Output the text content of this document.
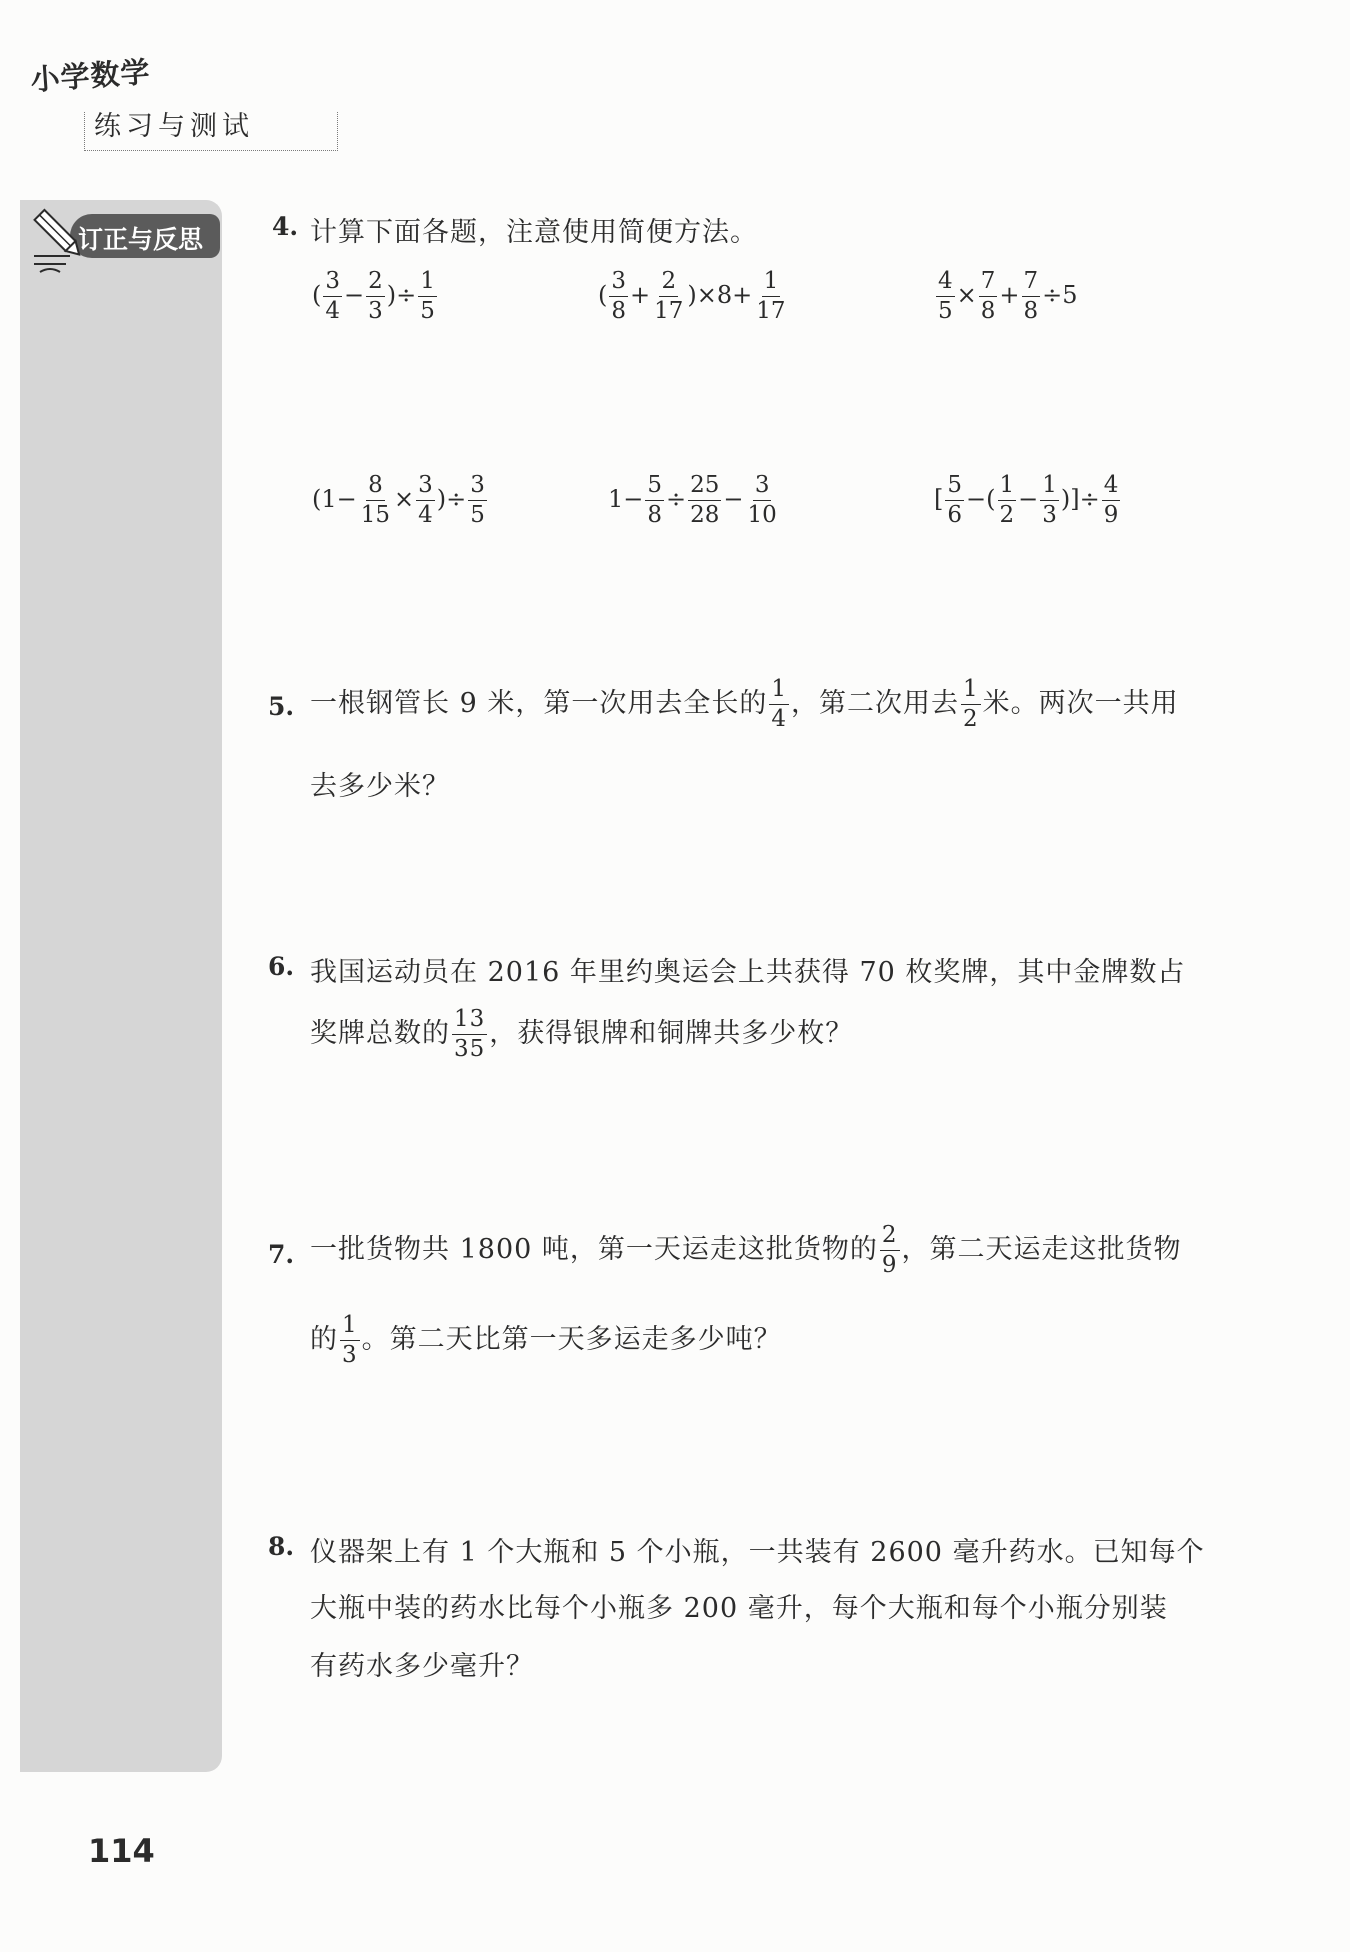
小学数学
练习与测试
订正与反思	4. 计算下面各题，注意使用简便方法。
( $\frac{3}{4} - \frac{2}{3}$ )÷ $\frac{1}{5}$	( $\frac{3}{8} + \frac{2}{17} )\times 8+ \frac{1}{17}$	$\frac{4}{5} \times \frac{7}{8} + \frac{7}{8} \div 5$
($1- \frac{8}{15} \times \frac{3}{4}$ )÷ $\frac{3}{5}$	$1- \frac{5}{8} \div \frac{25}{28} - \frac{3}{10}$	[ $\frac{5}{6}$ −( $\frac{1}{2} - \frac{1}{3}$ )]÷ $\frac{4}{9}$
5. 一根钢管长 9 米，第一次用去全长的 $\frac{1}{4}$ ，第二次用去 $\frac{1}{2}$ 米。两次一共用
去多少米？
6. 我国运动员在 2016 年里约奥运会上共获得 70 枚奖牌，其中金牌数占
奖牌总数的 $\frac{13}{35}$ ，获得银牌和铜牌共多少枚？
7. 一批货物共 1800 吨，第一天运走这批货物的 $\frac{2}{9}$ ，第二天运走这批货物
的 $\frac{1}{3}$ 。第二天比第一天多运走多少吨？
8. 仪器架上有 1 个大瓶和 5 个小瓶，一共装有 2600 毫升药水。已知每个
大瓶中装的药水比每个小瓶多 200 毫升，每个大瓶和每个小瓶分别装
有药水多少毫升？
114
